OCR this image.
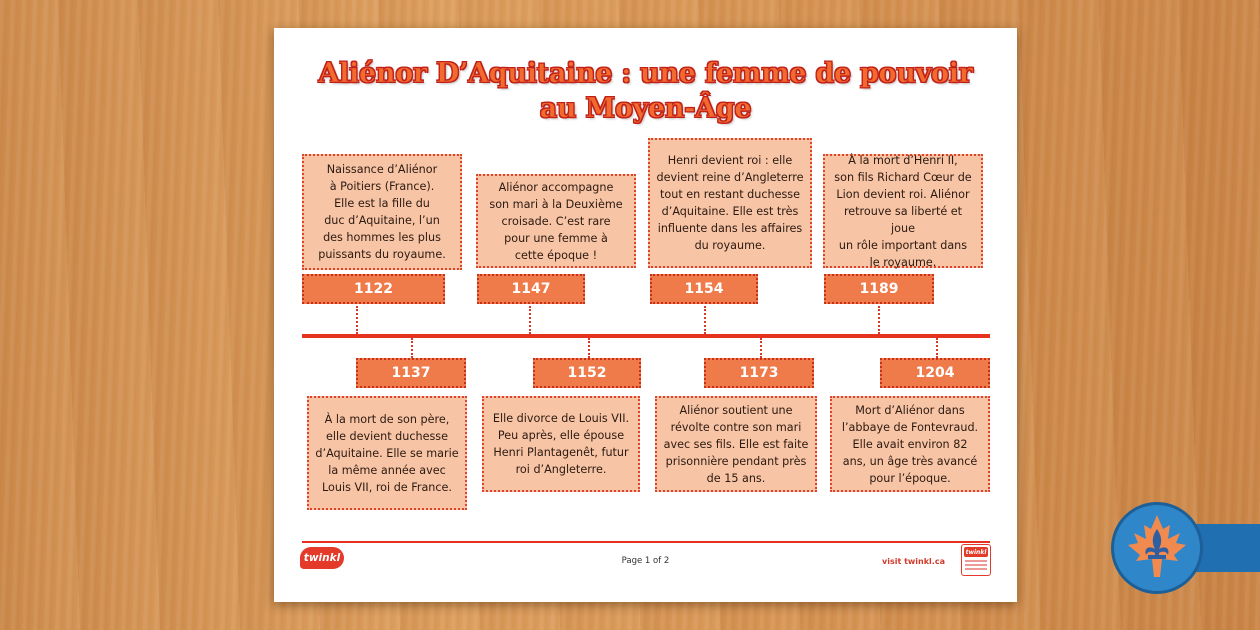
Aliénor D’Aquitaine : une femme de pouvoir
au Moyen-Âge
Naissance d’Aliénor
à Poitiers (France).
Elle est la fille du
duc d’Aquitaine, l’un
des hommes les plus
puissants du royaume.
1122
Aliénor accompagne
son mari à la Deuxième
croisade. C’est rare
pour une femme à
cette époque !
1147
Henri devient roi : elle
devient reine d’Angleterre
tout en restant duchesse
d’Aquitaine. Elle est très
influente dans les affaires
du royaume.
1154
À la mort d’Henri II,
son fils Richard Cœur de
Lion devient roi. Aliénor
retrouve sa liberté et joue
un rôle important dans
le royaume.
1189
1137
À la mort de son père,
elle devient duchesse
d’Aquitaine. Elle se marie
la même année avec
Louis VII, roi de France.
1152
Elle divorce de Louis VII.
Peu après, elle épouse
Henri Plantagenêt, futur
roi d’Angleterre.
1173
Aliénor soutient une
révolte contre son mari
avec ses fils. Elle est faite
prisonnière pendant près
de 15 ans.
1204
Mort d’Aliénor dans
l’abbaye de Fontevraud.
Elle avait environ 82
ans, un âge très avancé
pour l’époque.
twinkl	Page 1 of 2	visit twinkl.ca
twinkl
